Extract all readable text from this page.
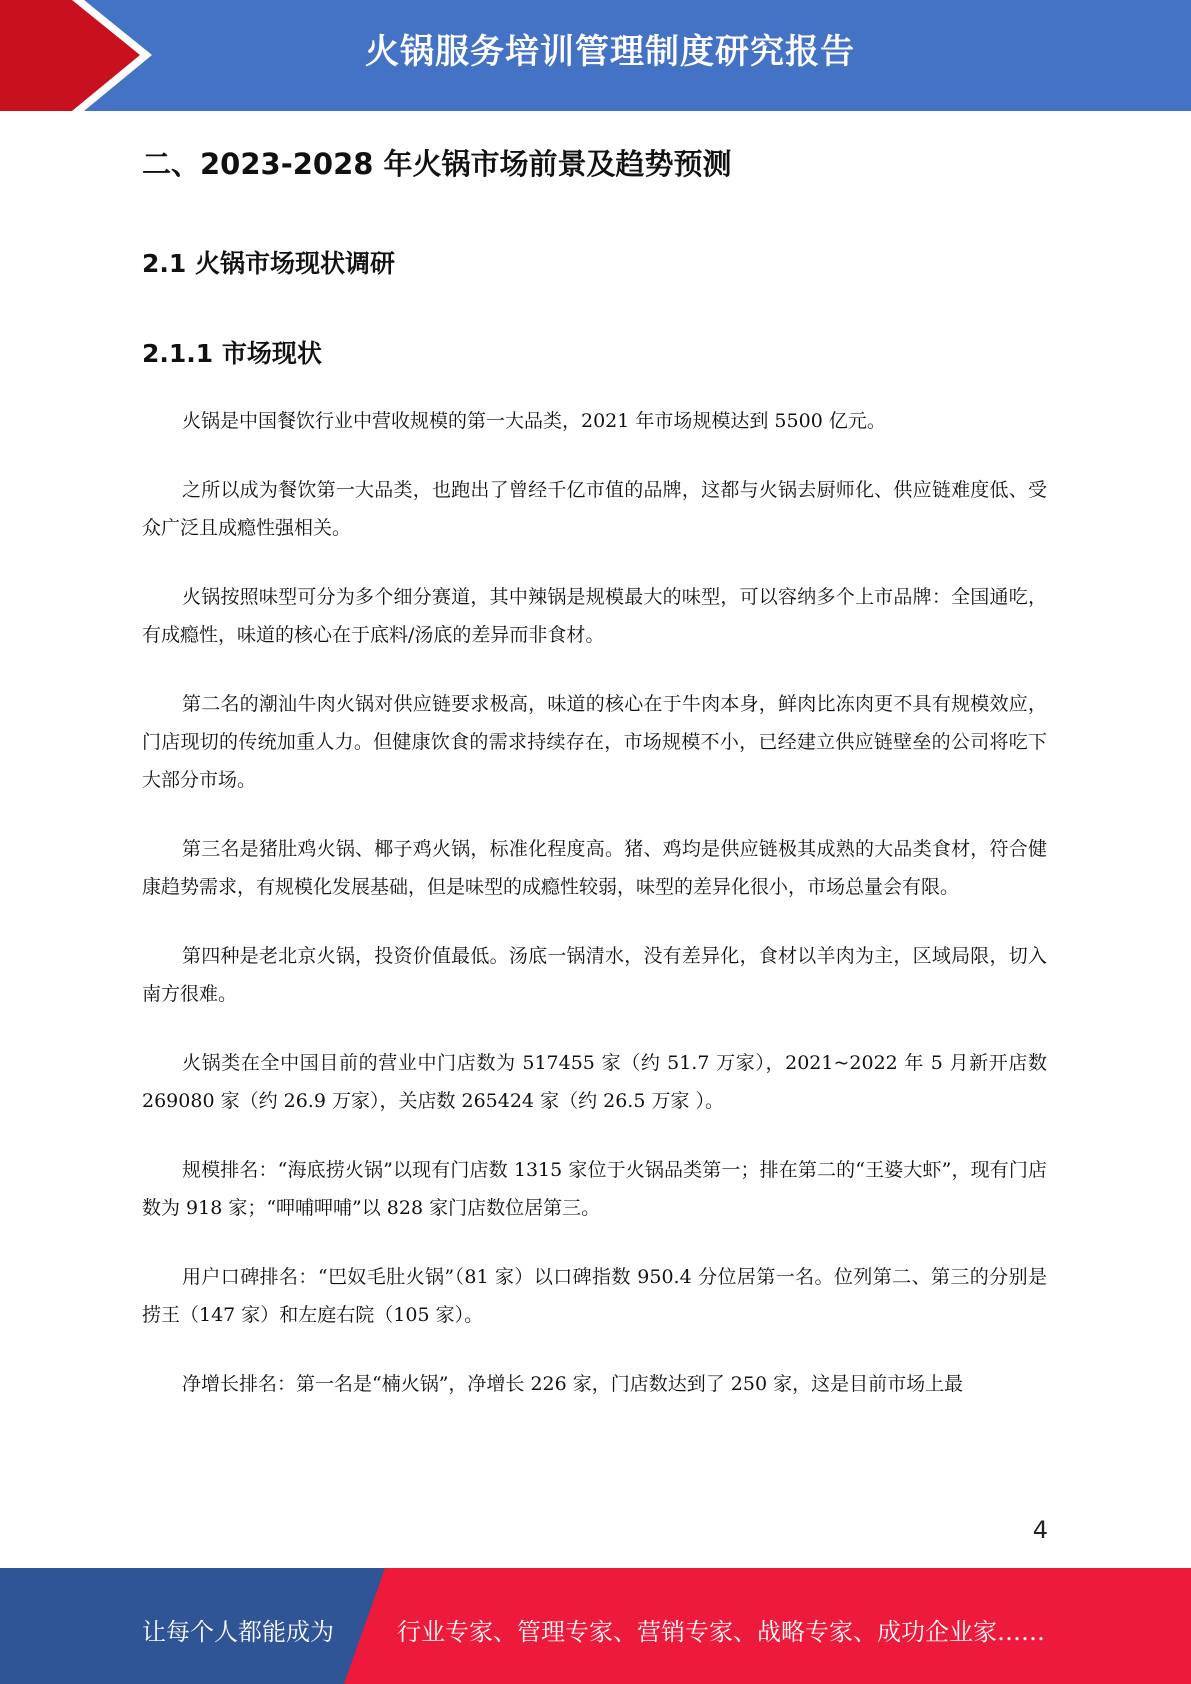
火锅服务培训管理制度研究报告
二、2023-2028 年火锅市场前景及趋势预测
2.1 火锅市场现状调研
2.1.1 市场现状

火锅是中国餐饮行业中营收规模的第一大品类，2021 年市场规模达到 5500 亿元。

之所以成为餐饮第一大品类，也跑出了曾经千亿市值的品牌，这都与火锅去厨师化、供应链难度低、受众广泛且成瘾性强相关。

火锅按照味型可分为多个细分赛道，其中辣锅是规模最大的味型，可以容纳多个上市品牌：全国通吃，有成瘾性，味道的核心在于底料/汤底的差异而非食材。

第二名的潮汕牛肉火锅对供应链要求极高，味道的核心在于牛肉本身，鲜肉比冻肉更不具有规模效应，门店现切的传统加重人力。但健康饮食的需求持续存在，市场规模不小，已经建立供应链壁垒的公司将吃下大部分市场。

第三名是猪肚鸡火锅、椰子鸡火锅，标准化程度高。猪、鸡均是供应链极其成熟的大品类食材，符合健康趋势需求，有规模化发展基础，但是味型的成瘾性较弱，味型的差异化很小，市场总量会有限。

第四种是老北京火锅，投资价值最低。汤底一锅清水，没有差异化，食材以羊肉为主，区域局限，切入南方很难。

火锅类在全中国目前的营业中门店数为 517455 家（约 51.7 万家），2021~2022 年 5 月新开店数 269080 家（约 26.9 万家），关店数 265424 家（约 26.5 万家 ）。

规模排名：“海底捞火锅”以现有门店数 1315 家位于火锅品类第一；排在第二的“王婆大虾”，现有门店数为 918 家；“呷哺呷哺”以 828 家门店数位居第三。

用户口碑排名：“巴奴毛肚火锅”（81 家）以口碑指数 950.4 分位居第一名。位列第二、第三的分别是捞王（147 家）和左庭右院（105 家）。

净增长排名：第一名是“楠火锅”，净增长 226 家，门店数达到了 250 家，这是目前市场上最

4
让每个人都能成为	行业专家、管理专家、营销专家、战略专家、成功企业家……
